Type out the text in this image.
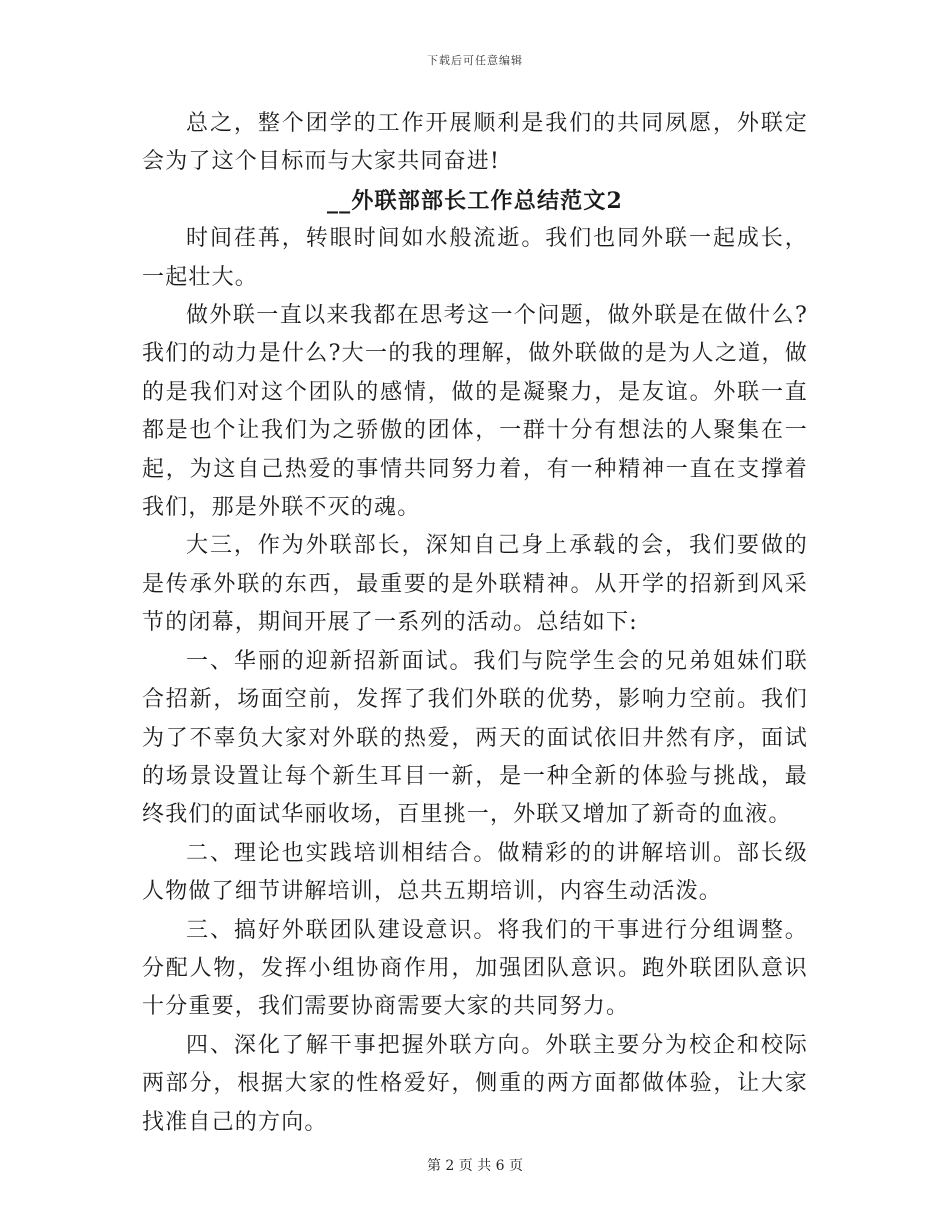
下载后可任意编辑

总之，整个团学的工作开展顺利是我们的共同夙愿，外联定会为了这个目标而与大家共同奋进!

__外联部部长工作总结范文2

时间荏苒，转眼时间如水般流逝。我们也同外联一起成长，一起壮大。

做外联一直以来我都在思考这一个问题，做外联是在做什么?我们的动力是什么?大一的我的理解，做外联做的是为人之道，做的是我们对这个团队的感情，做的是凝聚力，是友谊。外联一直都是也个让我们为之骄傲的团体，一群十分有想法的人聚集在一起，为这自己热爱的事情共同努力着，有一种精神一直在支撑着我们，那是外联不灭的魂。

大三，作为外联部长，深知自己身上承载的会，我们要做的是传承外联的东西，最重要的是外联精神。从开学的招新到风采节的闭幕，期间开展了一系列的活动。总结如下:

一、华丽的迎新招新面试。我们与院学生会的兄弟姐妹们联合招新，场面空前，发挥了我们外联的优势，影响力空前。我们为了不辜负大家对外联的热爱，两天的面试依旧井然有序，面试的场景设置让每个新生耳目一新，是一种全新的体验与挑战，最终我们的面试华丽收场，百里挑一，外联又增加了新奇的血液。

二、理论也实践培训相结合。做精彩的的讲解培训。部长级人物做了细节讲解培训，总共五期培训，内容生动活泼。

三、搞好外联团队建设意识。将我们的干事进行分组调整。分配人物，发挥小组协商作用，加强团队意识。跑外联团队意识十分重要，我们需要协商需要大家的共同努力。

四、深化了解干事把握外联方向。外联主要分为校企和校际两部分，根据大家的性格爱好，侧重的两方面都做体验，让大家找准自己的方向。

第 2 页 共 6 页
